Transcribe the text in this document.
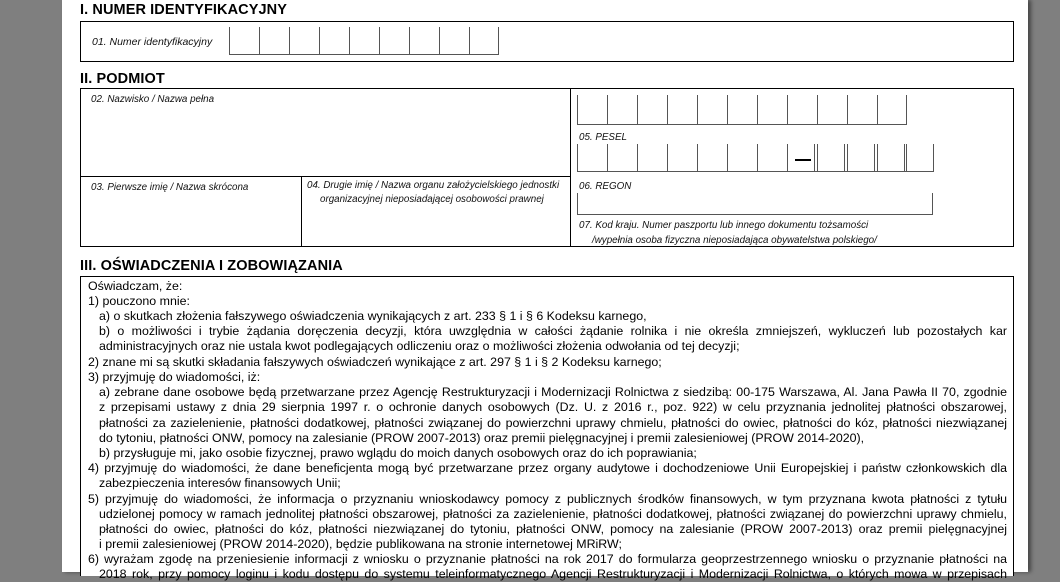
I. NUMER IDENTYFIKACYJNY
01. Numer identyfikacyjny
II. PODMIOT
02. Nazwisko / Nazwa pełna
03. Pierwsze imię / Nazwa skrócona	04. Drugie imię / Nazwa organu założycielskiego jednostki
organizacyjnej nieposiadającej osobowości prawnej
05. PESEL
06. REGON
07. Kod kraju. Numer paszportu lub innego dokumentu tożsamości
/wypełnia osoba fizyczna nieposiadająca obywatelstwa polskiego/
III. OŚWIADCZENIA I ZOBOWIĄZANIA
Oświadczam, że:
1) pouczono mnie:
a) o skutkach złożenia fałszywego oświadczenia wynikających z art. 233 § 1 i § 6 Kodeksu karnego,
b) o możliwości i trybie żądania doręczenia decyzji, która uwzględnia w całości żądanie rolnika i nie określa zmniejszeń, wykluczeń lub pozostałych kar
administracyjnych oraz nie ustala kwot podlegających odliczeniu oraz o możliwości złożenia odwołania od tej decyzji;
2) znane mi są skutki składania fałszywych oświadczeń wynikające z art. 297 § 1 i § 2 Kodeksu karnego;
3) przyjmuję do wiadomości, iż:
a) zebrane dane osobowe będą przetwarzane przez Agencję Restrukturyzacji i Modernizacji Rolnictwa z siedzibą: 00-175 Warszawa, Al. Jana Pawła II 70, zgodnie
z przepisami ustawy z dnia 29 sierpnia 1997 r. o ochronie danych osobowych (Dz. U. z 2016 r., poz. 922) w celu przyznania jednolitej płatności obszarowej,
płatności za zazielenienie, płatności dodatkowej, płatności związanej do powierzchni uprawy chmielu, płatności do owiec, płatności do kóz, płatności niezwiązanej
do tytoniu, płatności ONW, pomocy na zalesianie (PROW 2007-2013) oraz premii pielęgnacyjnej i premii zalesieniowej (PROW 2014-2020),
b) przysługuje mi, jako osobie fizycznej, prawo wglądu do moich danych osobowych oraz do ich poprawiania;
4) przyjmuję do wiadomości, że dane beneficjenta mogą być przetwarzane przez organy audytowe i dochodzeniowe Unii Europejskiej i państw członkowskich dla
zabezpieczenia interesów finansowych Unii;
5) przyjmuję do wiadomości, że informacja o przyznaniu wnioskodawcy pomocy z publicznych środków finansowych, w tym przyznana kwota płatności z tytułu
udzielonej pomocy w ramach jednolitej płatności obszarowej, płatności za zazielenienie, płatności dodatkowej, płatności związanej do powierzchni uprawy chmielu,
płatności do owiec, płatności do kóz, płatności niezwiązanej do tytoniu, płatności ONW, pomocy na zalesianie (PROW 2007-2013) oraz premii pielęgnacyjnej
i premii zalesieniowej (PROW 2014-2020), będzie publikowana na stronie internetowej MRiRW;
6) wyrażam zgodę na przeniesienie informacji z wniosku o przyznanie płatności na rok 2017 do formularza geoprzestrzennego wniosku o przyznanie płatności na
2018 rok, przy pomocy loginu i kodu dostępu do systemu teleinformatycznego Agencji Restrukturyzacji i Modernizacji Rolnictwa, o których mowa w przepisach
